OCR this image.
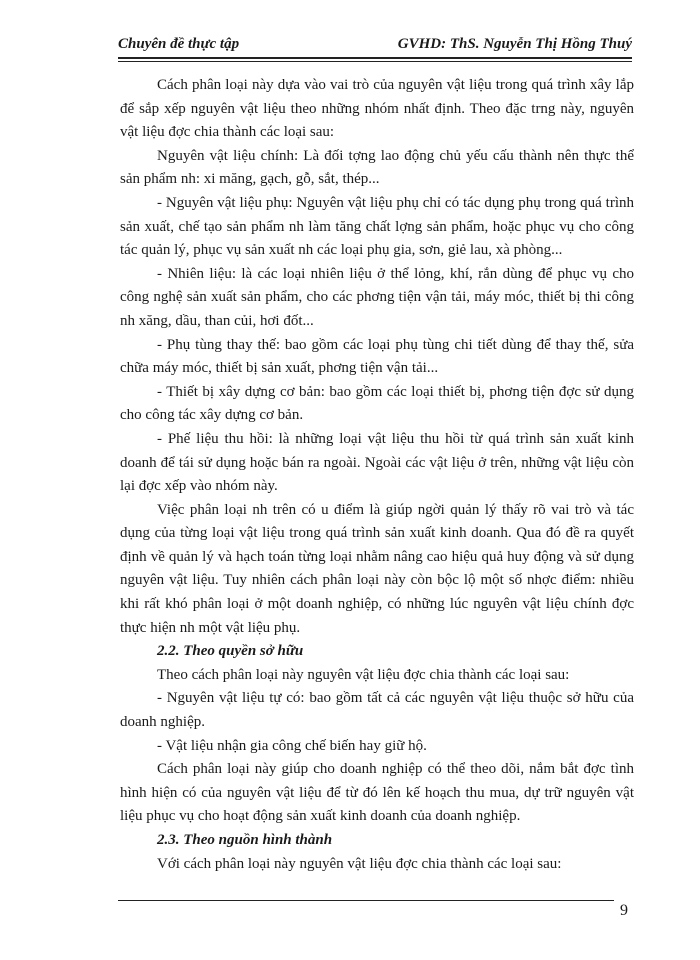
Chuyên đề thực tập	GVHD: ThS. Nguyễn Thị Hồng Thuý

Cách phân loại này dựa vào vai trò của nguyên vật liệu trong quá trình xây lắp để sắp xếp nguyên vật liệu theo những nhóm nhất định. Theo đặc trng này, nguyên vật liệu đợc chia thành các loại sau:

Nguyên vật liệu chính: Là đối tợng lao động chủ yếu cấu thành nên thực thể sản phẩm nh: xi măng, gạch, gỗ, sắt, thép...

- Nguyên vật liệu phụ: Nguyên vật liệu phụ chỉ có tác dụng phụ trong quá trình sản xuất, chế tạo sản phẩm nh làm tăng chất lợng sản phẩm, hoặc phục vụ cho công tác quản lý, phục vụ sản xuất nh các loại phụ gia, sơn, giẻ lau, xà phòng...

- Nhiên liệu: là các loại nhiên liệu ở thể lỏng, khí, rắn dùng để phục vụ cho công nghệ sản xuất sản phẩm, cho các phơng tiện vận tải, máy móc, thiết bị thi công nh xăng, dầu, than củi, hơi đốt...

- Phụ tùng thay thế: bao gồm các loại phụ tùng chi tiết dùng để thay thế, sửa chữa máy móc, thiết bị sản xuất, phơng tiện vận tải...

- Thiết bị xây dựng cơ bản: bao gồm các loại thiết bị, phơng tiện đợc sử dụng cho công tác xây dựng cơ bản.

- Phế liệu thu hồi: là những loại vật liệu thu hồi từ quá trình sản xuất kinh doanh để tái sử dụng hoặc bán ra ngoài. Ngoài các vật liệu ở trên, những vật liệu còn lại đợc xếp vào nhóm này.

Việc phân loại nh trên có u điểm là giúp ngời quản lý thấy rõ vai trò và tác dụng của từng loại vật liệu trong quá trình sản xuất kinh doanh. Qua đó đề ra quyết định về quản lý và hạch toán từng loại nhằm nâng cao hiệu quả huy động và sử dụng nguyên vật liệu. Tuy nhiên cách phân loại này còn bộc lộ một số nhợc điểm: nhiều khi rất khó phân loại ở một doanh nghiệp, có những lúc nguyên vật liệu chính đợc thực hiện nh một vật liệu phụ.

2.2. Theo quyền sở hữu

Theo cách phân loại này nguyên vật liệu đợc chia thành các loại sau:

- Nguyên vật liệu tự có: bao gồm tất cả các nguyên vật liệu thuộc sở hữu của doanh nghiệp.

- Vật liệu nhận gia công chế biến hay giữ hộ.

Cách phân loại này giúp cho doanh nghiệp có thể theo dõi, nắm bắt đợc tình hình hiện có của nguyên vật liệu để từ đó lên kế hoạch thu mua, dự trữ nguyên vật liệu phục vụ cho hoạt động sản xuất kinh doanh của doanh nghiệp.

2.3. Theo nguồn hình thành

Với cách phân loại này nguyên vật liệu đợc chia thành các loại sau:

9
